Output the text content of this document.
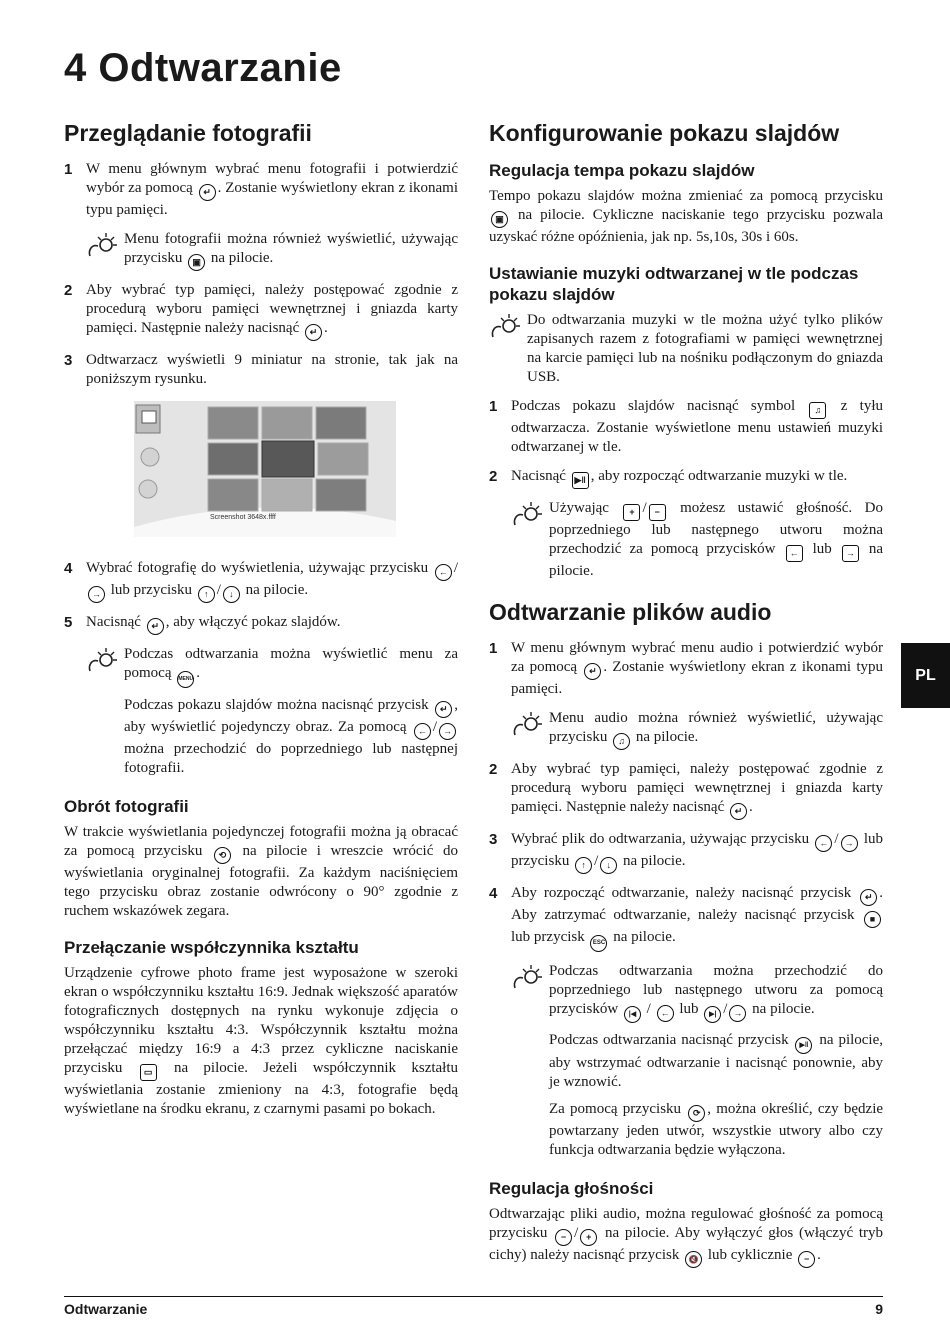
4 Odtwarzanie
Przeglądanie fotografii
1 W menu głównym wybrać menu fotografii i potwierdzić wybór za pomocą ↵ . Zostanie wyświetlony ekran z ikonami typu pamięci.
Menu fotografii można również wyświetlić, używając przycisku ▣ na pilocie.
2 Aby wybrać typ pamięci, należy postępować zgodnie z procedurą wyboru pamięci wewnętrznej i gniazda karty pamięci. Następnie należy nacisnąć ↵ .
3 Odtwarzacz wyświetli 9 miniatur na stronie, tak jak na poniższym rysunku.
Screenshot 3648x.ffff
4 Wybrać fotografię do wyświetlenia, używając przycisku ← /→ lub przycisku ↑ / ↓ na pilocie.
5 Nacisnąć ↵ , aby włączyć pokaz slajdów.

Podczas odtwarzania można wyświetlić menu za pomocą MENU .

Podczas pokazu slajdów można nacisnąć przycisk ↵ , aby wyświetlić pojedynczy obraz. Za pomocą ← / → można przechodzić do poprzedniego lub następnej fotografii.

Obrót fotografii

W trakcie wyświetlania pojedynczej fotografii można ją obracać za pomocą przycisku ⟲ na pilocie i wreszcie wrócić do wyświetlania oryginalnej fotografii. Za każdym naciśnięciem tego przycisku obraz zostanie odwrócony o 90° zgodnie z ruchem wskazówek zegara.

Przełączanie współczynnika kształtu

Urządzenie cyfrowe photo frame jest wyposażone w szeroki ekran o współczynniku kształtu 16:9. Jednak większość aparatów fotograficznych dostępnych na rynku wykonuje zdjęcia o współczynniku kształtu 4:3. Współczynnik kształtu można przełączać między 16:9 a 4:3 przez cykliczne naciskanie przycisku ▭ na pilocie. Jeżeli współczynnik kształtu wyświetlania zostanie zmieniony na 4:3, fotografie będą wyświetlane na środku ekranu, z czarnymi pasami po bokach.

Konfigurowanie pokazu slajdów
Regulacja tempa pokazu slajdów

Tempo pokazu slajdów można zmieniać za pomocą przycisku ▣ na pilocie. Cykliczne naciskanie tego przycisku pozwala uzyskać różne opóźnienia, jak np. 5s,10s, 30s i 60s.

Ustawianie muzyki odtwarzanej w tle podczas pokazu slajdów
Do odtwarzania muzyki w tle można użyć tylko plików zapisanych razem z fotografiami w pamięci wewnętrznej na karcie pamięci lub na nośniku podłączonym do gniazda USB.
1 Podczas pokazu slajdów nacisnąć symbol ♫ z tyłu odtwarzacza. Zostanie wyświetlone menu ustawień muzyki odtwarzanej w tle.
2 Nacisnąć ▶‖ , aby rozpocząć odtwarzanie muzyki w tle.
Używając + / − możesz ustawić głośność. Do poprzedniego lub następnego utworu można przechodzić za pomocą przycisków ← lub → na pilocie.
Odtwarzanie plików audio
1 W menu głównym wybrać menu audio i potwierdzić wybór za pomocą ↵ . Zostanie wyświetlony ekran z ikonami typu pamięci.
Menu audio można również wyświetlić, używając przycisku ♫ na pilocie.
2 Aby wybrać typ pamięci, należy postępować zgodnie z procedurą wyboru pamięci wewnętrznej i gniazda karty pamięci. Następnie należy nacisnąć ↵ .
3 Wybrać plik do odtwarzania, używając przycisku ← / → lub przycisku ↑ / ↓ na pilocie.
4 Aby rozpocząć odtwarzanie, należy nacisnąć przycisk ↵ . Aby zatrzymać odtwarzanie, należy nacisnąć przycisk ■ lub przycisk ESC na pilocie.

Podczas odtwarzania można przechodzić do poprzedniego lub następnego utworu za pomocą przycisków |◀ / ← lub ▶| / → na pilocie.

Podczas odtwarzania nacisnąć przycisk ▶‖ na pilocie, aby wstrzymać odtwarzanie i nacisnąć ponownie, aby je wznowić.

Za pomocą przycisku ⟳ , można określić, czy będzie powtarzany jeden utwór, wszystkie utwory albo czy funkcja odtwarzania będzie wyłączona.

Regulacja głośności

Odtwarzając pliki audio, można regulować głośność za pomocą przycisku − / + na pilocie. Aby wyłączyć głos (włączyć tryb cichy) należy nacisnąć przycisk 🔇 lub cyklicznie − .

PL
Odtwarzanie	9
